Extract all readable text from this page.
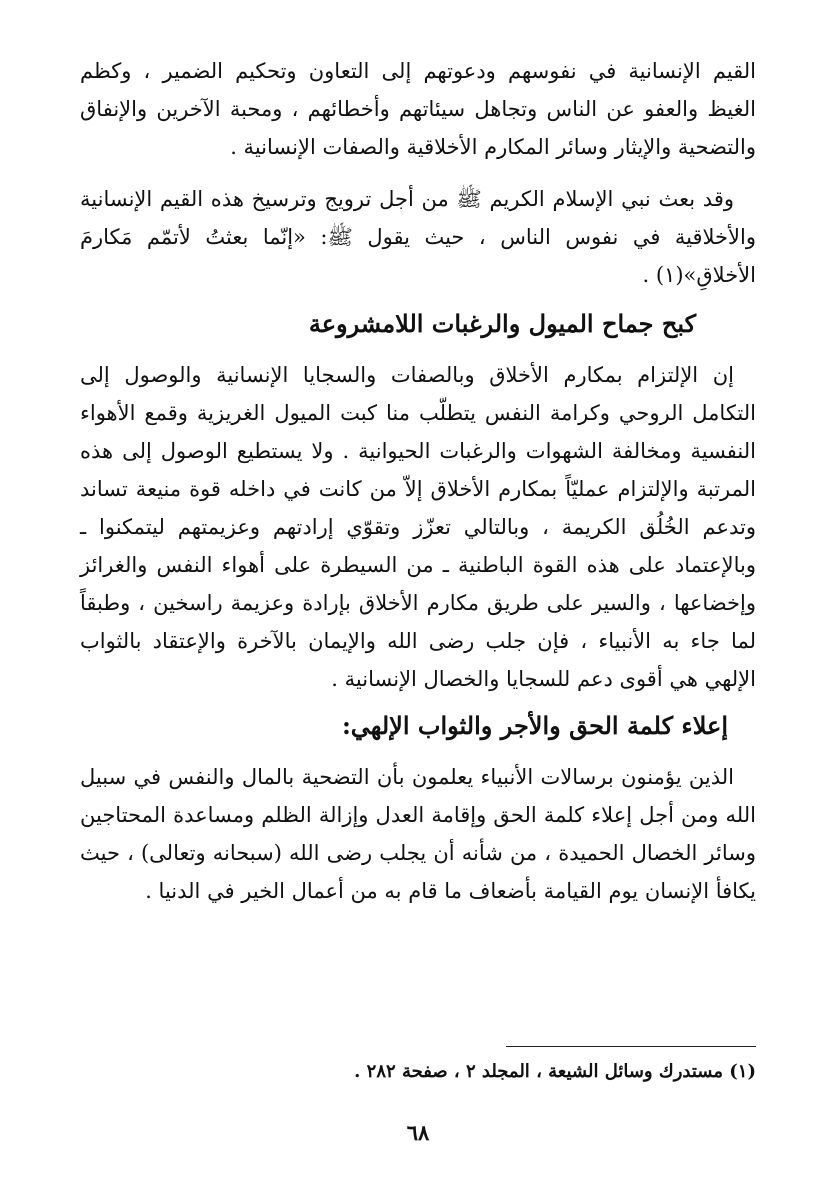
القيم الإنسانية في نفوسهم ودعوتهم إلى التعاون وتحكيم الضمير ، وكظم الغيظ والعفو عن الناس وتجاهل سيئاتهم وأخطائهم ، ومحبة الآخرين والإنفاق والتضحية والإيثار وسائر المكارم الأخلاقية والصفات الإنسانية .

وقد بعث نبي الإسلام الكريم ﷺ من أجل ترويج وترسيخ هذه القيم الإنسانية والأخلاقية في نفوس الناس ، حيث يقول ﷺ: «إنّما بعثتُ لأتمّم مَكارمَ الأخلاقِ»(١) .

كبح جماح الميول والرغبات اللامشروعة

إن الإلتزام بمكارم الأخلاق وبالصفات والسجايا الإنسانية والوصول إلى التكامل الروحي وكرامة النفس يتطلّب منا كبت الميول الغريزية وقمع الأهواء النفسية ومخالفة الشهوات والرغبات الحيوانية . ولا يستطيع الوصول إلى هذه المرتبة والإلتزام عمليّاً بمكارم الأخلاق إلاّ من كانت في داخله قوة منيعة تساند وتدعم الخُلُق الكريمة ، وبالتالي تعزّز وتقوّي إرادتهم وعزيمتهم ليتمكنوا ـ وبالإعتماد على هذه القوة الباطنية ـ من السيطرة على أهواء النفس والغرائز وإخضاعها ، والسير على طريق مكارم الأخلاق بإرادة وعزيمة راسخين ، وطبقاً لما جاء به الأنبياء ، فإن جلب رضى الله والإيمان بالآخرة والإعتقاد بالثواب الإلهي هي أقوى دعم للسجايا والخصال الإنسانية .

إعلاء كلمة الحق والأجر والثواب الإلهي:

الذين يؤمنون برسالات الأنبياء يعلمون بأن التضحية بالمال والنفس في سبيل الله ومن أجل إعلاء كلمة الحق وإقامة العدل وإزالة الظلم ومساعدة المحتاجين وسائر الخصال الحميدة ، من شأنه أن يجلب رضى الله (سبحانه وتعالى) ، حيث يكافأ الإنسان يوم القيامة بأضعاف ما قام به من أعمال الخير في الدنيا .

(١) مستدرك وسائل الشيعة ، المجلد ٢ ، صفحة ٢٨٢ .
٦٨
